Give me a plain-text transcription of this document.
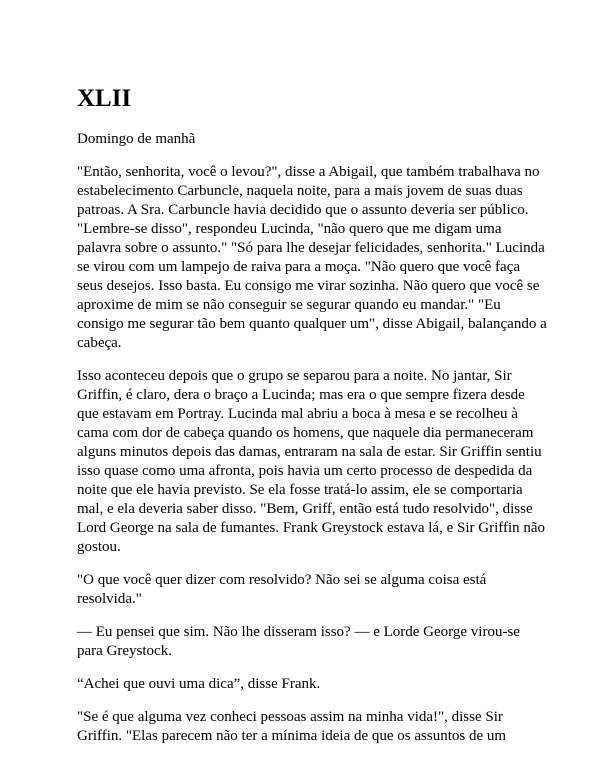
XLII

Domingo de manhã

"Então, senhorita, você o levou?", disse a Abigail, que também trabalhava no estabelecimento Carbuncle, naquela noite, para a mais jovem de suas duas patroas. A Sra. Carbuncle havia decidido que o assunto deveria ser público. "Lembre-se disso", respondeu Lucinda, "não quero que me digam uma palavra sobre o assunto." "Só para lhe desejar felicidades, senhorita." Lucinda se virou com um lampejo de raiva para a moça. "Não quero que você faça seus desejos. Isso basta. Eu consigo me virar sozinha. Não quero que você se aproxime de mim se não conseguir se segurar quando eu mandar." "Eu consigo me segurar tão bem quanto qualquer um", disse Abigail, balançando a cabeça.

Isso aconteceu depois que o grupo se separou para a noite. No jantar, Sir Griffin, é claro, dera o braço a Lucinda; mas era o que sempre fizera desde que estavam em Portray. Lucinda mal abriu a boca à mesa e se recolheu à cama com dor de cabeça quando os homens, que naquele dia permaneceram alguns minutos depois das damas, entraram na sala de estar. Sir Griffin sentiu isso quase como uma afronta, pois havia um certo processo de despedida da noite que ele havia previsto. Se ela fosse tratá-lo assim, ele se comportaria mal, e ela deveria saber disso. "Bem, Griff, então está tudo resolvido", disse Lord George na sala de fumantes. Frank Greystock estava lá, e Sir Griffin não gostou.

"O que você quer dizer com resolvido? Não sei se alguma coisa está resolvida."

— Eu pensei que sim. Não lhe disseram isso? — e Lorde George virou-se para Greystock.

“Achei que ouvi uma dica”, disse Frank.

"Se é que alguma vez conheci pessoas assim na minha vida!", disse Sir Griffin. "Elas parecem não ter a mínima ideia de que os assuntos de um
